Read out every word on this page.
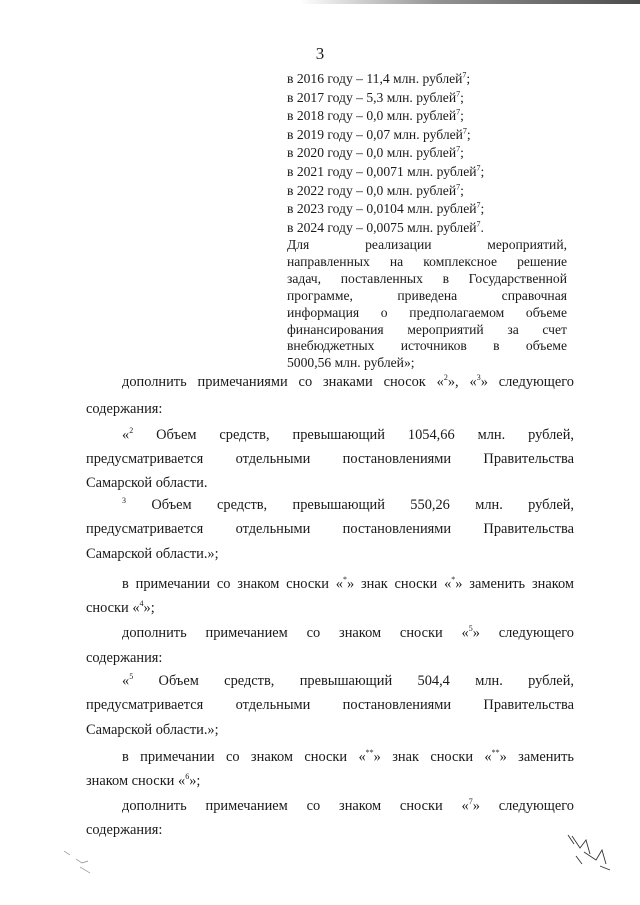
3
в 2016 году – 11,4 млн. рублей$^7$;
в 2017 году – 5,3 млн. рублей$^7$;
в 2018 году – 0,0 млн. рублей$^7$;
в 2019 году – 0,07 млн. рублей$^7$;
в 2020 году – 0,0 млн. рублей$^7$;
в 2021 году – 0,0071 млн. рублей$^7$;
в 2022 году – 0,0 млн. рублей$^7$;
в 2023 году – 0,0104 млн. рублей$^7$;
в 2024 году – 0,0075 млн. рублей$^7$.
Для реализации мероприятий,
направленных на комплексное решение
задач, поставленных в Государственной
программе, приведена справочная
информация о предполагаемом объеме
финансирования мероприятий за счет
внебюджетных источников в объеме
5000,56 млн. рублей»;
дополнить примечаниями со знаками сносок «$^2$», «$^3$» следующего
содержания:
«$^2$ Объем средств, превышающий 1054,66 млн. рублей,
предусматривается отдельными постановлениями Правительства
Самарской области.
$^3$ Объем средств, превышающий 550,26 млн. рублей,
предусматривается отдельными постановлениями Правительства
Самарской области.»;
в примечании со знаком сноски «*» знак сноски «*» заменить знаком
сноски «$^4$»;
дополнить примечанием со знаком сноски «$^5$» следующего
содержания:
«$^5$ Объем средств, превышающий 504,4 млн. рублей,
предусматривается отдельными постановлениями Правительства
Самарской области.»;
в примечании со знаком сноски «**» знак сноски «**» заменить
знаком сноски «$^6$»;
дополнить примечанием со знаком сноски «$^7$» следующего
содержания:
